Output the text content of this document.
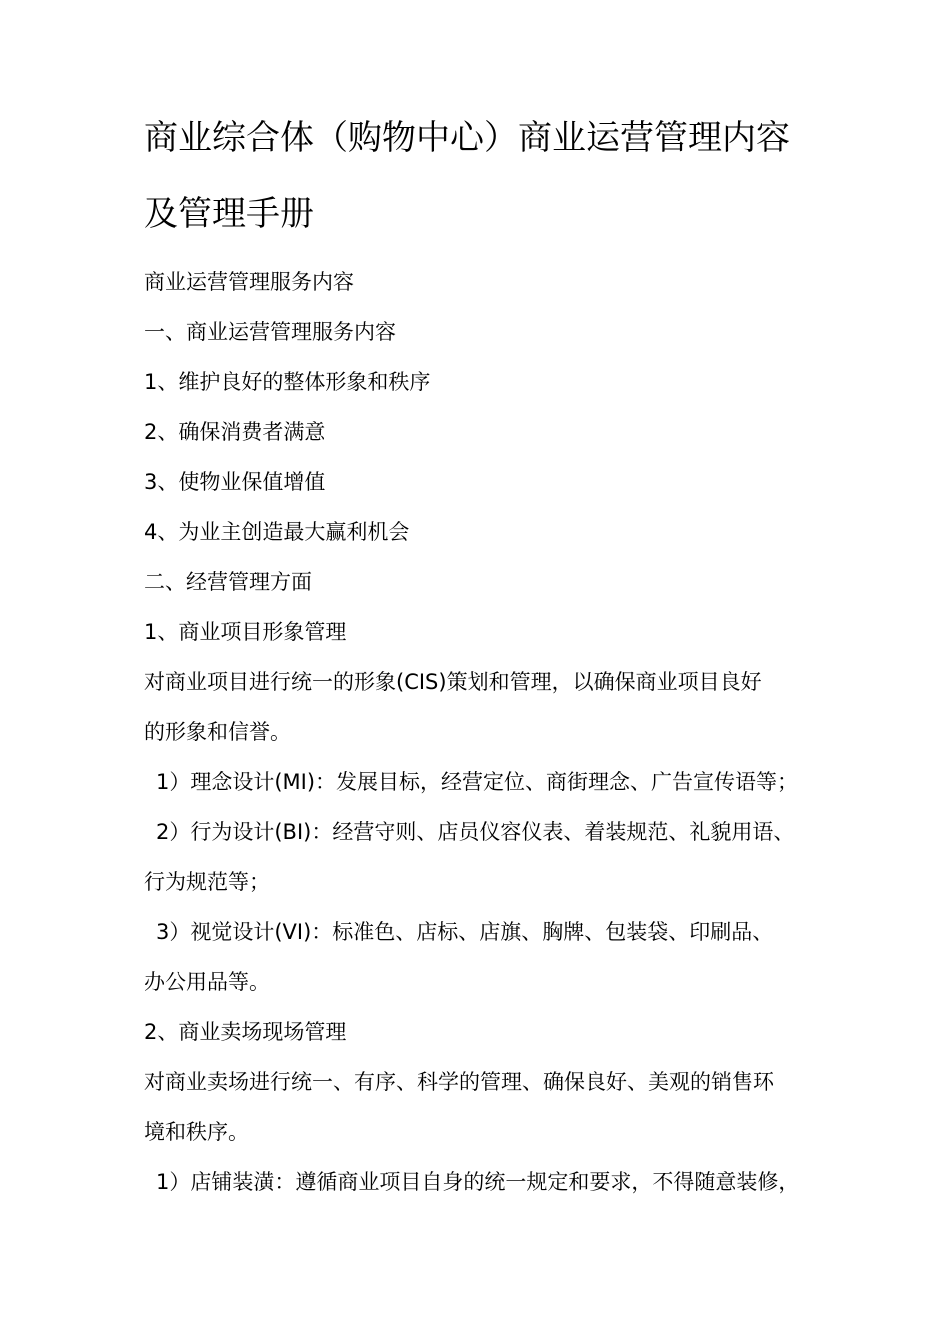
商业综合体（购物中心）商业运营管理内容
及管理手册

商业运营管理服务内容

一、商业运营管理服务内容

1、维护良好的整体形象和秩序

2、确保消费者满意

3、使物业保值增值

4、为业主创造最大赢利机会

二、经营管理方面

1、商业项目形象管理

对商业项目进行统一的形象(CIS)策划和管理，以确保商业项目良好

的形象和信誉。

1）理念设计(MI)：发展目标，经营定位、商街理念、广告宣传语等；

2）行为设计(BI)：经营守则、店员仪容仪表、着装规范、礼貌用语、

行为规范等；

3）视觉设计(VI)：标准色、店标、店旗、胸牌、包装袋、印刷品、

办公用品等。

2、商业卖场现场管理

对商业卖场进行统一、有序、科学的管理、确保良好、美观的销售环

境和秩序。

1）店铺装潢：遵循商业项目自身的统一规定和要求，不得随意装修，
